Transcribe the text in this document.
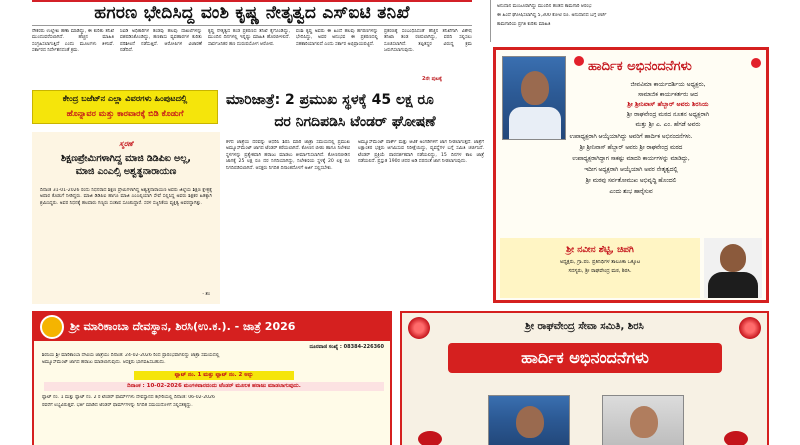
ಹಗರಣ ಭೇದಿಸಿದ್ದ ವಂಶಿ ಕೃಷ್ಣ ನೇತೃತ್ವದ ಎಸ್‌ಐಟಿ ತನಿಖೆ
ನೌಕರರು ಉಲ್ಲೇಖ ಹಣಾ ಮಾಡಿದ್ದು, ಈ ಕುರಿತು ತನಿಖೆ ಮುಂದುವರೆಸಲಾಗಿದೆ. ಹೆಚ್ಚಿನ ಮಾಹಿತಿ ಸಂಗ್ರಹಿಸಲಾಗುತ್ತಿದೆ ಎಂದು ಮೂಲಗಳು ತಿಳಿಸಿವೆ. ಸರ್ಕಾರದ ನಿರ್ದೇಶನದಂತೆ ಕ್ರಮ.
ಸಿಐಡಿ ಅಧಿಕಾರಿಗಳ ತಂಡವು ಹಲವು ದಾಖಲೆಗಳನ್ನು ವಶಪಡಿಸಿಕೊಂಡಿದ್ದು, ಹಣಕಾಸು ವ್ಯವಹಾರಗಳ ಕುರಿತು ಪರಿಶೀಲನೆ ನಡೆಸುತ್ತಿದೆ. ಆರೋಪಿಗಳ ವಿಚಾರಣೆ ನಡೆದಿದೆ.
ಕೃಷ್ಣ ನೇತೃತ್ವದ ತಂಡ ಪ್ರಕರಣದ ತನಿಖೆ ಕೈಗೊಂಡಿದ್ದು, ಮುಂದಿನ ದಿನಗಳಲ್ಲಿ ಇನ್ನಷ್ಟು ಮಾಹಿತಿ ಹೊರಬೀಳಲಿದೆ. ಸಾರ್ವಜನಿಕರ ಹಣ ದುರುಪಯೋಗ ಆರೋಪ.
ವಂಶಿ ಕೃಷ್ಣ ಅವರು ಈ ಹಿಂದೆ ಹಲವು ಹಗರಣಗಳನ್ನು ಭೇದಿಸಿದ್ದು, ಅವರ ಅನುಭವ ಈ ಪ್ರಕರಣದಲ್ಲಿ ಸಹಕಾರಿಯಾಗಲಿದೆ ಎಂದು ಸರ್ಕಾರ ಅಭಿಪ್ರಾಯಪಟ್ಟಿದೆ.
ಪ್ರಕರಣಕ್ಕೆ ಸಂಬಂಧಿಸಿದಂತೆ ಹೆಚ್ಚಿನ ತನಿಖೆಗಾಗಿ ವಿಶೇಷ ತನಿಖಾ ತಂಡ ರಚಿಸಲಾಗಿದ್ದು, ವರದಿ ಸಲ್ಲಿಸಲು ಸೂಚಿಸಲಾಗಿದೆ. ತಪ್ಪಿತಸ್ಥರ ವಿರುದ್ಧ ಕ್ರಮ ಜರುಗಿಸಲಾಗುವುದು.
2ನೇ ಪುಟಕ್ಕೆ
ಅನುದಾನ ಮಂಜೂರಾಗಿದ್ದು ಮುಂದಿನ ಹಂತದ ಕಾಮಗಾರಿ ಆರಂಭ
ಈ ಹಿಂದೆ ಘೋಷಿಸಲಾಗಿದ್ದ 5,300 ಕೋಟಿ ರೂ. ಅನುದಾನದ ಬಗ್ಗೆ ಚರ್ಚೆ
ಕಾಮಗಾರಿಯ ಪ್ರಗತಿ ಕುರಿತು ಮಾಹಿತಿ
ಕೇಂದ್ರ ಬಜೆಟ್‌ನ ಎಲ್ಲಾ ವಿವರಗಳು ಹಿಂಪುಟದಲ್ಲಿ
ಹೊನ್ನಾವರ ಮತ್ತು ಕಾರವಾರಕ್ಕೆ ಬಿಡಿ ಕೊಡುಗೆ
ಮಾರಿಜಾತ್ರೆ: 2 ಪ್ರಮುಖ ಸ್ಥಳಕ್ಕೆ 45 ಲಕ್ಷ ರೂ
ದರ ನಿಗದಿಪಡಿಸಿ ಟೆಂಡರ್ ಘೋಷಣೆ
ಕಳೆದ ಜಾತ್ರೆಯ ದರವನ್ನು ಆಧರಿಸಿ ಶಿರಸಿ ಮಾರಿ ಜಾತ್ರಾ ಸಮಯದಲ್ಲಿ ಪ್ರಮುಖ ಅಮ್ಯೂಸ್‌ಮೆಂಟ್ ಜಾಗದ ಟೆಂಡರ್ ಕರೆಯಲಾಗಿದೆ. ಕೋಣನ ಬೀಡು ಹಾಗೂ ನಿಲೇಕಣಿ ಸ್ಥಳಗಳನ್ನು ಪ್ರತ್ಯೇಕವಾಗಿ ಹರಾಜು ಮಾಡಲು ತೀರ್ಮಾನಿಸಲಾಗಿದೆ. ಕೋಣನಬೀಡಿನ ಜಾಗಕ್ಕೆ 25 ಲಕ್ಷ ರೂ ದರ ನಿಗದಿಯಾಗಿದ್ದು, ನಿಲೇಕಣಿಯ ಸ್ಥಳಕ್ಕೆ 20 ಲಕ್ಷ ರೂ ನಿಗದಿಪಡಿಸಲಾಗಿದೆ. ಆಸಕ್ತರು ನಿಗದಿತ ದಿನಾಂಕದೊಳಗೆ ಅರ್ಜಿ ಸಲ್ಲಿಸಬೇಕು.
ಅಮ್ಯೂಸ್‌ಮೆಂಟ್ ಪಾರ್ಕ್ ಮತ್ತು ಆಟಿಕೆ ಅಂಗಡಿಗಳಿಗೆ ಜಾಗ ನೀಡಲಾಗುತ್ತದೆ. ಜಾತ್ರೆಗೆ ಲಕ್ಷಾಂತರ ಭಕ್ತರು ಆಗಮಿಸುವ ನಿರೀಕ್ಷೆಯಿದ್ದು, ವ್ಯವಸ್ಥೆಗಳ ಬಗ್ಗೆ ಸಮಿತಿ ಚರ್ಚಿಸಿದೆ. ಟೆಂಡರ್ ಪ್ರಕ್ರಿಯೆ ಪಾರದರ್ಶಕವಾಗಿ ನಡೆಯಲಿದ್ದು, 15 ದಿನಗಳ ಕಾಲ ಜಾತ್ರೆ ನಡೆಯಲಿದೆ. ಪ್ರಸ್ತುತ 190ರ ಚದರ ಅಡಿ ದರದಂತೆ ಜಾಗ ನೀಡಲಾಗುವುದು.
ಸ್ಮರಣೆ
ಶಿಕ್ಷಣಪ್ರೇಮಿಗಳಾಗಿದ್ದ ಮಾಜಿ ಡಿಡಿಪಿಐ ಅಲ್ಲ,
ಮಾಜಿ ಎಂಎಲ್ಸಿ ಅಶ್ವತ್ಥನಾರಾಯಣ
ದಿನಾಂಕ 31-01-2026 ರಂದು ನಿಧನರಾದ ಶಿಕ್ಷಣ ಪ್ರೇಮಿಗಳಾಗಿದ್ದ ಅಶ್ವತ್ಥನಾರಾಯಣ ಅವರು ಜಿಲ್ಲೆಯ ಶಿಕ್ಷಣ ಕ್ಷೇತ್ರಕ್ಕೆ ಅಪಾರ ಕೊಡುಗೆ ನೀಡಿದ್ದರು. ಮಾಜಿ ಡಿಡಿಪಿಐ ಹಾಗೂ ಮಾಜಿ ಎಂಎಲ್ಸಿಯಾಗಿ ಸೇವೆ ಸಲ್ಲಿಸಿದ್ದ ಅವರು ಶಿಕ್ಷಕರ ಹಿತಕ್ಕಾಗಿ ಶ್ರಮಿಸಿದ್ದರು. ಅವರ ನಿಧನಕ್ಕೆ ಹಲವಾರು ಗಣ್ಯರು ಸಂತಾಪ ಸೂಚಿಸಿದ್ದಾರೆ. ಸರಳ ಸಜ್ಜನಿಕೆಯ ವ್ಯಕ್ತಿತ್ವ ಅವರದ್ದಾಗಿತ್ತು.
- ಶಂ
ಹಾರ್ದಿಕ ಅಭಿನಂದನೆಗಳು
ಜೀವವಿಮಾ ಕಾರ್ಯದರ್ಶಿಯ ಅಧ್ಯಕ್ಷರು,
ಸಾಮಾಜಿಕ ಕಾರ್ಯಕರ್ತರು ಆದ
ಶ್ರೀ ಶ್ರೀನಿವಾಸ್ ಹೆಬ್ಬಾರ್ ಅವರು ಶಿರಸಿಯ
ಶ್ರೀ ರಾಘವೇಂದ್ರ ಮಠದ ನೂತನ ಅಧ್ಯಕ್ಷರಾಗಿ
ಮತ್ತು ಶ್ರೀ ಎ. ಎಂ. ಹೆಗಡೆ ಅವರು
ಉಪಾಧ್ಯಕ್ಷರಾಗಿ ಆಯ್ಕೆಯಾಗಿದ್ದು ಅವರಿಗೆ ಹಾರ್ದಿಕ ಅಭಿನಂದನೆಗಳು.
ಶ್ರೀ ಶ್ರೀನಿವಾಸ್ ಹೆಬ್ಬಾರ್ ಅವರು ಶ್ರೀ ರಾಘವೇಂದ್ರ ಮಠದ
ಉಪಾಧ್ಯಕ್ಷರಾಗಿದ್ದಾಗ ಸಾಕಷ್ಟು ಮಾದರಿ ಕಾರ್ಯಗಳನ್ನು ಮಾಡಿದ್ದು,
ಇದೀಗ ಅಧ್ಯಕ್ಷರಾಗಿ ಆಯ್ಕೆಯಾಗಿ ಅವರ ನೇತೃತ್ವದಲ್ಲಿ
ಶ್ರೀ ಮಠವು ಸರ್ವತೋಮುಖ ಅಭಿವೃದ್ಧಿ ಹೊಂದಲಿ
ಎಂದು ಶುಭ ಹಾರೈಸುವ
ಶ್ರೀ ನವೀನ ಶೆಟ್ಟಿ, ಚಿಪಗಿ
ಅಧ್ಯಕ್ಷರು, ಗ್ರಾ.ಪಂ. ಪ್ರತಿನಿಧಿಗಳ ತಾಲೂಕಾ ಒಕ್ಕೂಟ
ಸದಸ್ಯರು, ಶ್ರೀ ರಾಘವೇಂದ್ರ ಮಠ, ಶಿರಸಿ.
ಶ್ರೀ ಮಾರಿಕಾಂಬಾ ದೇವಸ್ಥಾನ, ಶಿರಸಿ(ಉ.ಕ.). - ಜಾತ್ರೆ 2026
ದೂರವಾಣಿ ಸಂಖ್ಯೆ : 08384-226360
ಶಿರಸಿಯ ಶ್ರೀ ಮಾರಿಕಾಂಬಾ ದೇವಿಯ ಜಾತ್ರೆಯು ದಿನಾಂಕ: 24-02-2026 ರಿಂದ ಪ್ರಾರಂಭವಾಗಲಿದ್ದು ಜಾತ್ರಾ ಸಮಯದಲ್ಲಿ
ಅಮ್ಯೂಸ್‌ಮೆಂಟ್ ಜಾಗದ ಹರಾಜು ಮಾಡಲಾಗುವುದು. ಆಸಕ್ತರು ಭಾಗವಹಿಸಬಹುದು.
ಪ್ಲಾಟ್ ನಂ. 1 ಮತ್ತು ಪ್ಲಾಟ್ ನಂ. 2 ಅನ್ನು
ದಿನಾಂಕ : 10-02-2026 ಮಂಗಳವಾರದಂದು ಟೆಂಡರ್ ಮೂಲಕ ಹರಾಜು ಮಾಡಲಾಗುವುದು.
ಪ್ಲಾಟ್ ನಂ. 1 ಮತ್ತು ಪ್ಲಾಟ್ ನಂ. 2 ರ ಟೆಂಡರ್ ಫಾರ್ಮ್‌ಗಳು ದೇವಸ್ಥಾನದ ಕಛೇರಿಯಲ್ಲಿ ದಿನಾಂಕ: 06-02-2026
ರವರೆಗೆ ಲಭ್ಯವಿರುತ್ತವೆ. ಭರ್ತಿ ಮಾಡಿದ ಟೆಂಡರ್ ಫಾರ್ಮ್‌ಗಳನ್ನು ನಿಗದಿತ ಸಮಯದೊಳಗೆ ಸಲ್ಲಿಸತಕ್ಕದ್ದು.
ಶ್ರೀ ರಾಘವೇಂದ್ರ ಸೇವಾ ಸಮಿತಿ, ಶಿರಸಿ
ಹಾರ್ದಿಕ ಅಭಿನಂದನೆಗಳು
